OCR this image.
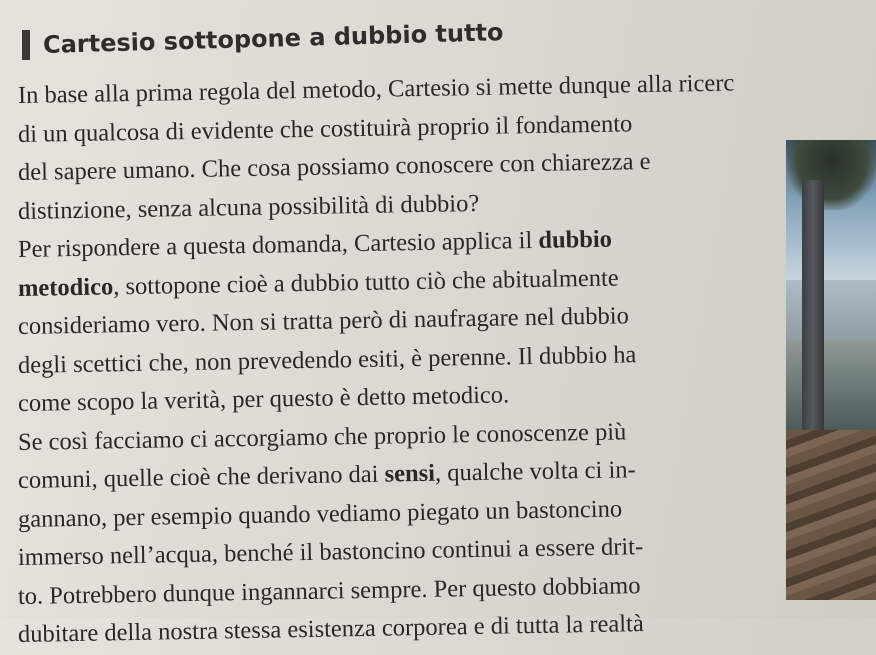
Cartesio sottopone a dubbio tutto
In base alla prima regola del metodo, Cartesio si mette dunque alla ricerc
di un qualcosa di evidente che costituirà proprio il fondamento
del sapere umano. Che cosa possiamo conoscere con chiarezza e
distinzione, senza alcuna possibilità di dubbio?
Per rispondere a questa domanda, Cartesio applica il dubbio
metodico, sottopone cioè a dubbio tutto ciò che abitualmente
consideriamo vero. Non si tratta però di naufragare nel dubbio
degli scettici che, non prevedendo esiti, è perenne. Il dubbio ha
come scopo la verità, per questo è detto metodico.
Se così facciamo ci accorgiamo che proprio le conoscenze più
comuni, quelle cioè che derivano dai sensi, qualche volta ci in-
gannano, per esempio quando vediamo piegato un bastoncino
immerso nell’acqua, benché il bastoncino continui a essere drit-
to. Potrebbero dunque ingannarci sempre. Per questo dobbiamo
dubitare della nostra stessa esistenza corporea e di tutta la realtà
